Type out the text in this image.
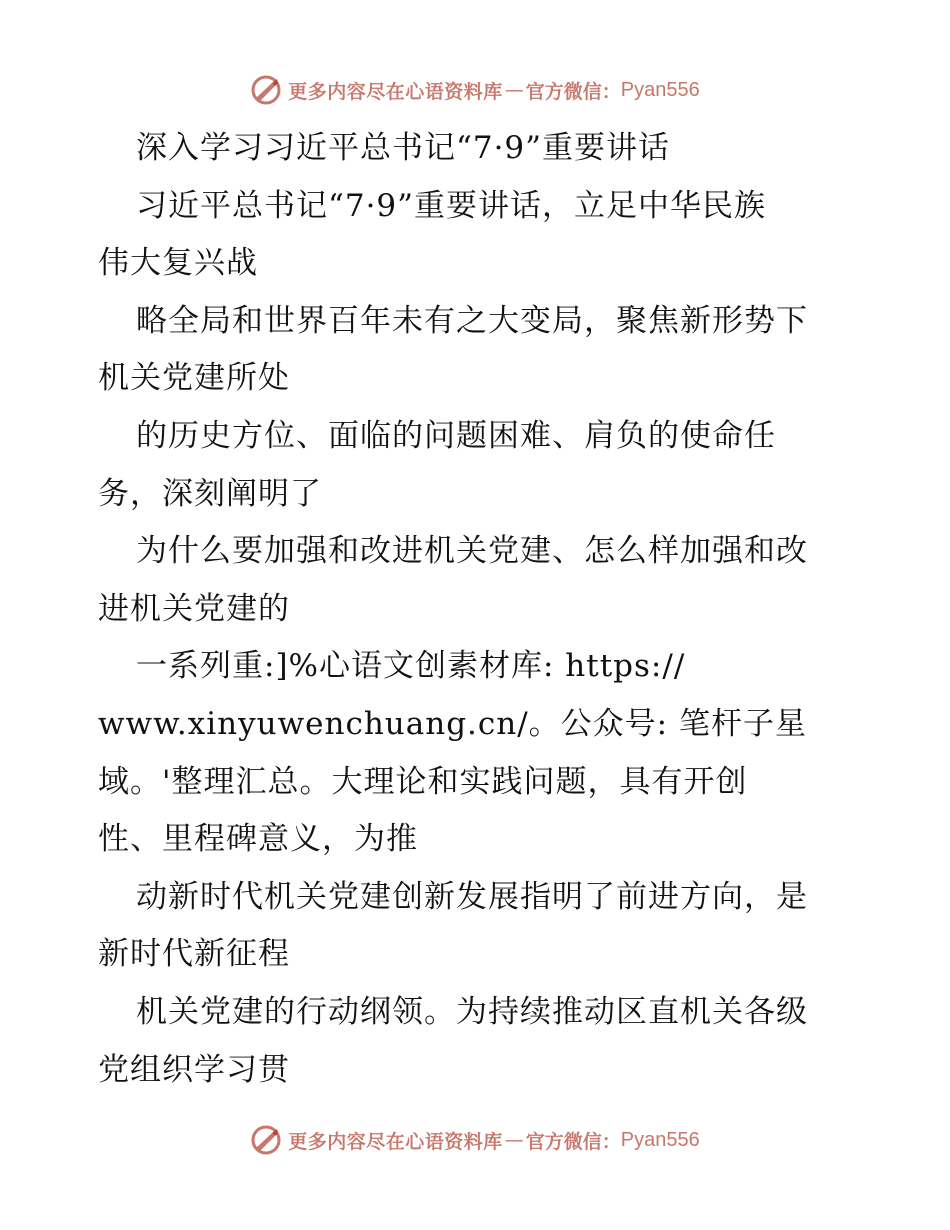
更多内容尽在心语资料库 — 官方微信： Pyan556

深入学习习近平总书记“7·9”重要讲话

习近平总书记“7·9”重要讲话，立足中华民族

伟大复兴战

略全局和世界百年未有之大变局，聚焦新形势下

机关党建所处

的历史方位、面临的问题困难、肩负的使命任

务，深刻阐明了

为什么要加强和改进机关党建、怎么样加强和改

进机关党建的

一系列重:]%心语文创素材库: https://

www.xinyuwenchuang.cn/。公众号: 笔杆子星

域。'整理汇总。大理论和实践问题，具有开创

性、里程碑意义，为推

动新时代机关党建创新发展指明了前进方向，是

新时代新征程

机关党建的行动纲领。为持续推动区直机关各级

党组织学习贯

更多内容尽在心语资料库 — 官方微信： Pyan556
